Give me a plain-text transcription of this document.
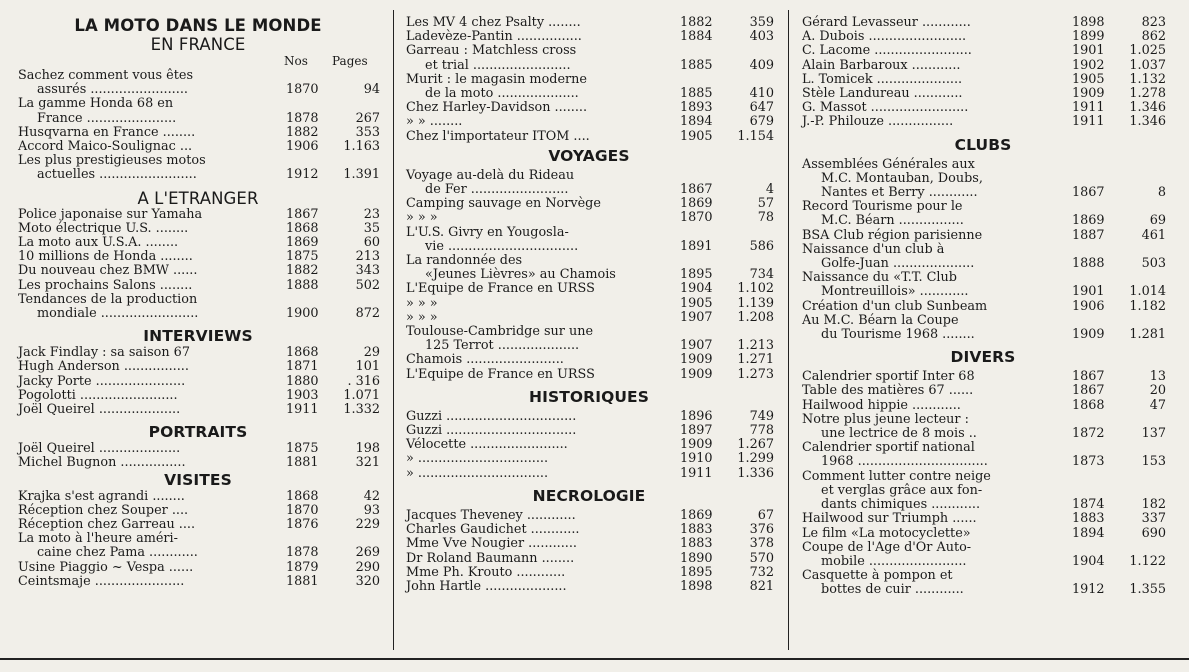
LA MOTO DANS LE MONDE
EN FRANCE
Nos Pages
Sachez comment vous êtes
assurés ........................	1870	94
La gamme Honda 68 en
France ......................	1878	267
Husqvarna en France ........	1882	353
Accord Maico-Soulignac ...	1906	1.163
Les plus prestigieuses motos
actuelles ........................	1912	1.391
A L'ETRANGER
Police japonaise sur Yamaha	1867	23
Moto électrique U.S. ........	1868	35
La moto aux U.S.A. ........	1869	60
10 millions de Honda ........	1875	213
Du nouveau chez BMW ......	1882	343
Les prochains Salons ........	1888	502
Tendances de la production
mondiale ........................	1900	872
INTERVIEWS
Jack Findlay : sa saison 67	1868	29
Hugh Anderson ................	1871	101
Jacky Porte ......................	1880	. 316
Pogolotti ........................	1903	1.071
Joël Queirel ....................	1911	1.332
PORTRAITS
Joël Queirel ....................	1875	198
Michel Bugnon ................	1881	321
VISITES
Krajka s'est agrandi ........	1868	42
Réception chez Souper ....	1870	93
Réception chez Garreau ....	1876	229
La moto à l'heure améri-
caine chez Pama ............	1878	269
Usine Piaggio ~ Vespa ......	1879	290
Ceintsmaje ......................	1881	320
Les MV 4 chez Psalty ........	1882	359
Ladevèze-Pantin ................	1884	403
Garreau : Matchless cross
et trial ........................	1885	409
Murit : le magasin moderne
de la moto ....................	1885	410
Chez Harley-Davidson ........	1893	647
» » ........	1894	679
Chez l'importateur ITOM ....	1905	1.154
VOYAGES
Voyage au-delà du Rideau
de Fer ........................	1867	4
Camping sauvage en Norvège	1869	57
» » »	1870	78
L'U.S. Givry en Yougosla-
vie ................................	1891	586
La randonnée des
«Jeunes Lièvres» au Chamois	1895	734
L'Equipe de France en URSS	1904	1.102
» » »	1905	1.139
» » »	1907	1.208
Toulouse-Cambridge sur une
125 Terrot ....................	1907	1.213
Chamois ........................	1909	1.271
L'Equipe de France en URSS	1909	1.273
HISTORIQUES
Guzzi ................................	1896	749
Guzzi ................................	1897	778
Vélocette ........................	1909	1.267
» ................................	1910	1.299
» ................................	1911	1.336
NECROLOGIE
Jacques Theveney ............	1869	67
Charles Gaudichet ............	1883	376
Mme Vve Nougier ............	1883	378
Dr Roland Baumann ........	1890	570
Mme Ph. Krouto ............	1895	732
John Hartle ....................	1898	821
Gérard Levasseur ............	1898	823
A. Dubois ........................	1899	862
C. Lacome ........................	1901	1.025
Alain Barbaroux ............	1902	1.037
L. Tomicek .....................	1905	1.132
Stèle Landureau ............	1909	1.278
G. Massot ........................	1911	1.346
J.-P. Philouze ................	1911	1.346
CLUBS
Assemblées Générales aux
M.C. Montauban, Doubs,
Nantes et Berry ............	1867	8
Record Tourisme pour le
M.C. Béarn ................	1869	69
BSA Club région parisienne	1887	461
Naissance d'un club à
Golfe-Juan ....................	1888	503
Naissance du «T.T. Club
Montreuillois» ............	1901	1.014
Création d'un club Sunbeam	1906	1.182
Au M.C. Béarn la Coupe
du Tourisme 1968 ........	1909	1.281
DIVERS
Calendrier sportif Inter 68	1867	13
Table des matières 67 ......	1867	20
Hailwood hippie ............	1868	47
Notre plus jeune lecteur :
une lectrice de 8 mois ..	1872	137
Calendrier sportif national
1968 ................................	1873	153
Comment lutter contre neige
et verglas grâce aux fon-
dants chimiques ............	1874	182
Hailwood sur Triumph ......	1883	337
Le film «La motocyclette»	1894	690
Coupe de l'Age d'Or Auto-
mobile ........................	1904	1.122
Casquette à pompon et
bottes de cuir ............	1912	1.355
